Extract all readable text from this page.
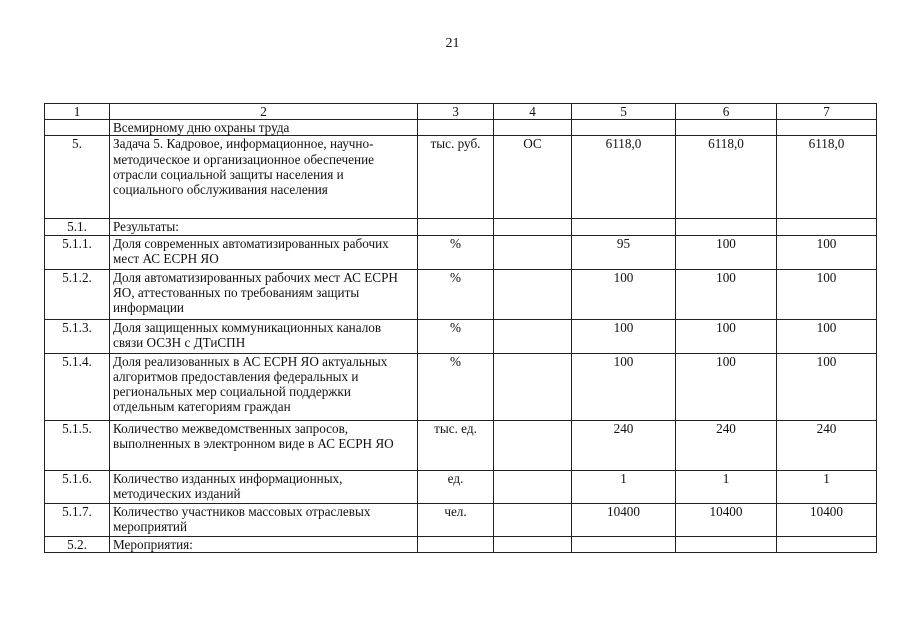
21
1	2	3	4	5	6	7
	Всемирному дню охраны труда					
5.	Задача 5. Кадровое, информационное, научно-методическое и организационное обеспечение отрасли социальной защиты населения и социального обслуживания населения	тыс. руб.	ОС	6118,0	6118,0	6118,0
5.1.	Результаты:					
5.1.1.	Доля современных автоматизированных рабочих мест АС ЕСРН ЯО	%		95	100	100
5.1.2.	Доля автоматизированных рабочих мест АС ЕСРН ЯО, аттестованных по требованиям защиты информации	%		100	100	100
5.1.3.	Доля защищенных коммуникационных каналов связи ОСЗН с ДТиСПН	%		100	100	100
5.1.4.	Доля реализованных в АС ЕСРН ЯО актуальных алгоритмов предоставления федеральных и региональных мер социальной поддержки отдельным категориям граждан	%		100	100	100
5.1.5.	Количество межведомственных запросов, выполненных в электронном виде в АС ЕСРН ЯО	тыс. ед.		240	240	240
5.1.6.	Количество изданных информационных, методических изданий	ед.		1	1	1
5.1.7.	Количество участников массовых отраслевых мероприятий	чел.		10400	10400	10400
5.2.	Мероприятия:					
